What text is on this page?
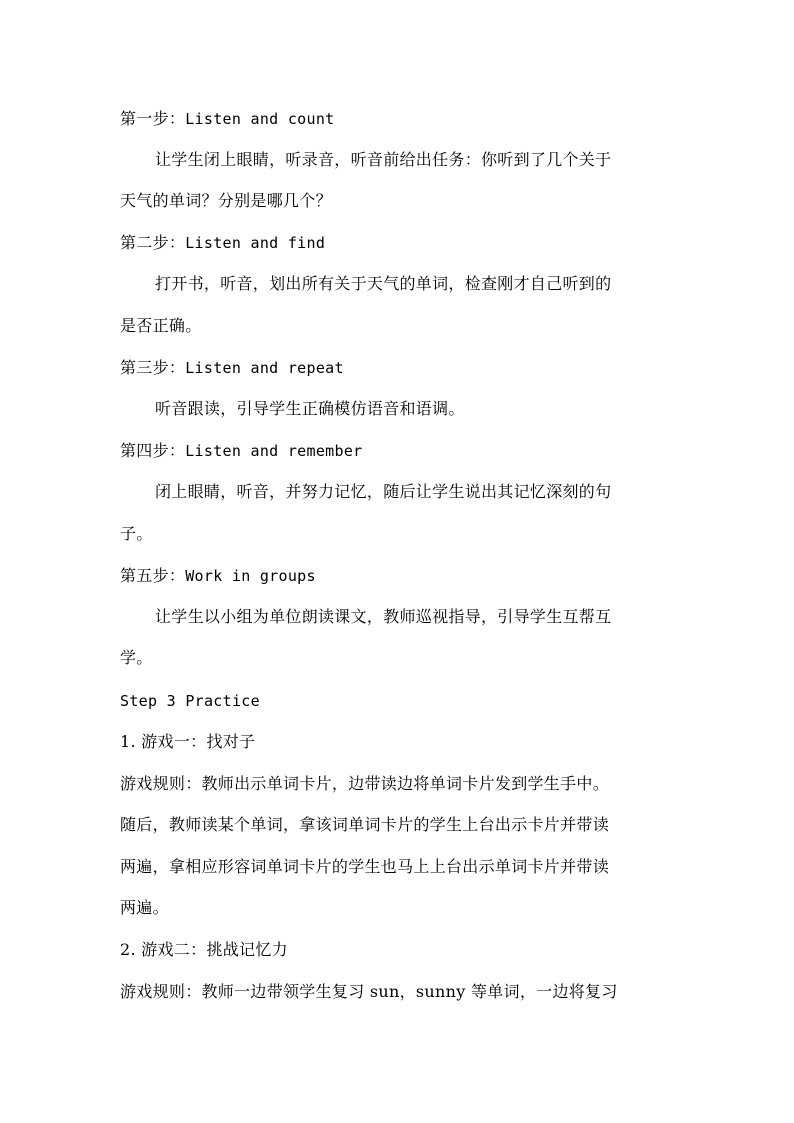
第一步：Listen and count
让学生闭上眼睛，听录音，听音前给出任务：你听到了几个关于
天气的单词？分别是哪几个？
第二步：Listen and find
打开书，听音，划出所有关于天气的单词，检查刚才自己听到的
是否正确。
第三步：Listen and repeat
听音跟读，引导学生正确模仿语音和语调。
第四步：Listen and remember
闭上眼睛，听音，并努力记忆，随后让学生说出其记忆深刻的句
子。
第五步：Work in groups
让学生以小组为单位朗读课文，教师巡视指导，引导学生互帮互
学。
Step 3 Practice
1. 游戏一：找对子
游戏规则：教师出示单词卡片，边带读边将单词卡片发到学生手中。
随后，教师读某个单词，拿该词单词卡片的学生上台出示卡片并带读
两遍，拿相应形容词单词卡片的学生也马上上台出示单词卡片并带读
两遍。
2. 游戏二：挑战记忆力
游戏规则：教师一边带领学生复习 sun，sunny 等单词，一边将复习
